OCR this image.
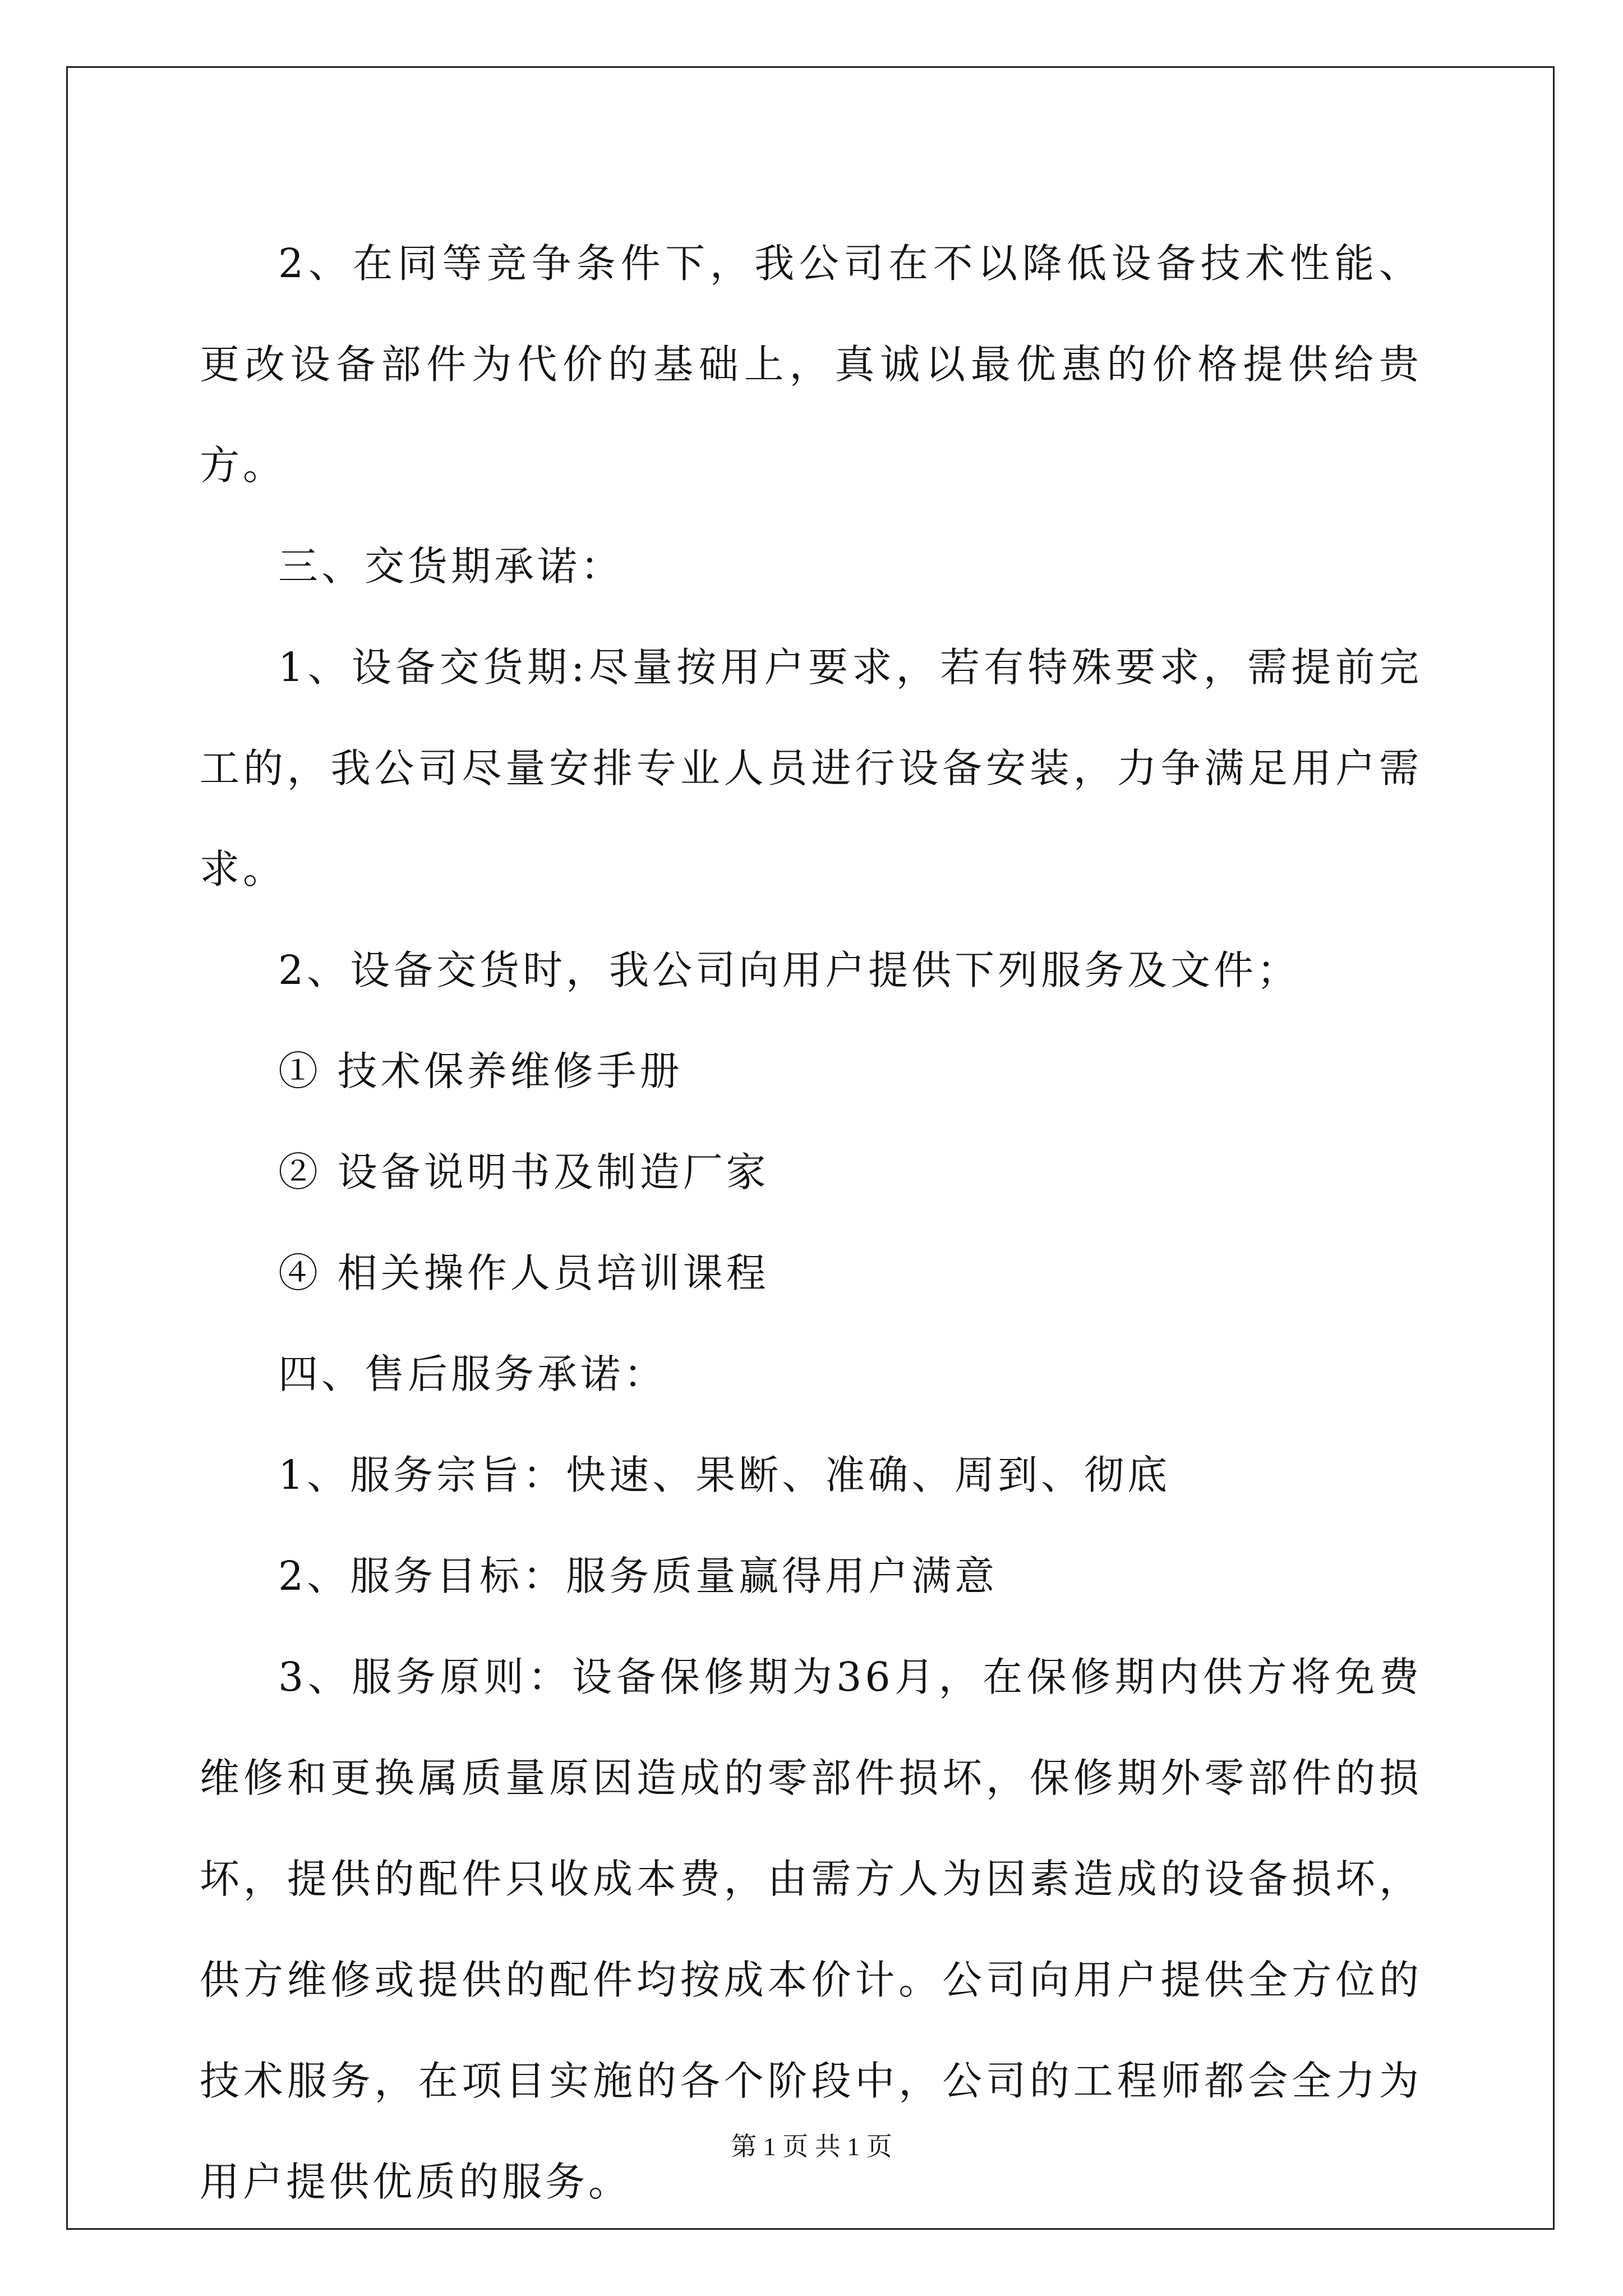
2、在同等竞争条件下，我公司在不以降低设备技术性能、更改设备部件为代价的基础上，真诚以最优惠的价格提供给贵方。

三、交货期承诺：

1、设备交货期:尽量按用户要求，若有特殊要求，需提前完工的，我公司尽量安排专业人员进行设备安装，力争满足用户需求。

2、设备交货时，我公司向用户提供下列服务及文件；

① 技术保养维修手册

② 设备说明书及制造厂家

④ 相关操作人员培训课程

四、售后服务承诺：

1、服务宗旨：快速、果断、准确、周到、彻底

2、服务目标：服务质量赢得用户满意

3、服务原则：设备保修期为36月，在保修期内供方将免费维修和更换属质量原因造成的零部件损坏，保修期外零部件的损坏，提供的配件只收成本费，由需方人为因素造成的设备损坏，供方维修或提供的配件均按成本价计。公司向用户提供全方位的技术服务，在项目实施的各个阶段中，公司的工程师都会全力为用户提供优质的服务。

第 1 页 共 1 页
